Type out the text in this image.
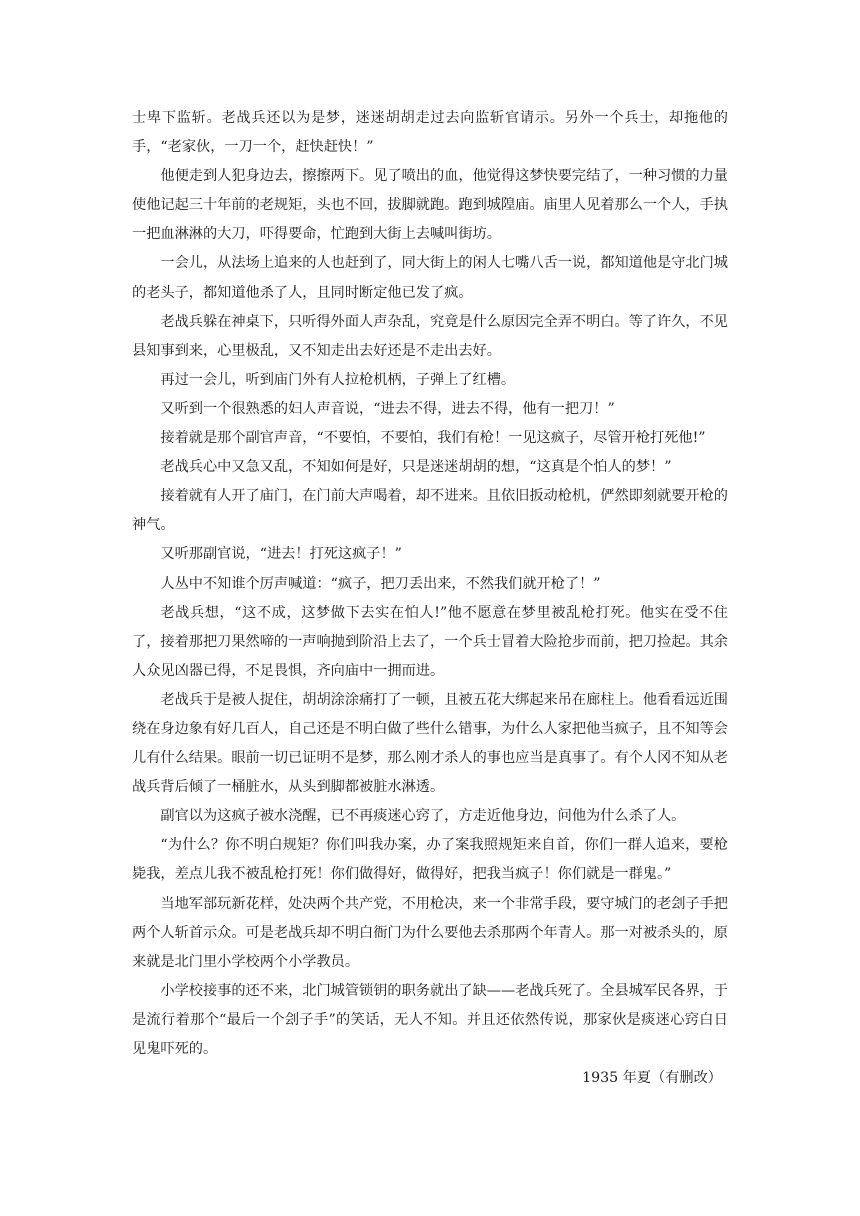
士卑下监斩。老战兵还以为是梦，迷迷胡胡走过去向监斩官请示。另外一个兵士，却拖他的手，“老家伙，一刀一个，赶快赶快！”

他便走到人犯身边去，擦擦两下。见了喷出的血，他觉得这梦快要完结了，一种习惯的力量使他记起三十年前的老规矩，头也不回，拔脚就跑。跑到城隍庙。庙里人见着那么一个人，手执一把血淋淋的大刀，吓得要命，忙跑到大街上去喊叫街坊。

一会儿，从法场上追来的人也赶到了，同大街上的闲人七嘴八舌一说，都知道他是守北门城的老头子，都知道他杀了人，且同时断定他已发了疯。

老战兵躲在神桌下，只听得外面人声杂乱，究竟是什么原因完全弄不明白。等了许久，不见县知事到来，心里极乱，又不知走出去好还是不走出去好。

再过一会儿，听到庙门外有人拉枪机柄，子弹上了红槽。

又听到一个很熟悉的妇人声音说，“进去不得，进去不得，他有一把刀！”

接着就是那个副官声音，“不要怕，不要怕，我们有枪！一见这疯子，尽管开枪打死他!”

老战兵心中又急又乱，不知如何是好，只是迷迷胡胡的想，“这真是个怕人的梦！”

接着就有人开了庙门，在门前大声喝着，却不进来。且依旧扳动枪机，俨然即刻就要开枪的神气。

又听那副官说，“进去！打死这疯子！”

人丛中不知谁个厉声喊道：“疯子，把刀丢出来，不然我们就开枪了！”

老战兵想，“这不成，这梦做下去实在怕人!”他不愿意在梦里被乱枪打死。他实在受不住了，接着那把刀果然啼的一声响抛到阶沿上去了，一个兵士冒着大险抢步而前，把刀捡起。其余人众见凶器已得，不足畏惧，齐向庙中一拥而进。

老战兵于是被人捉住，胡胡涂涂痛打了一顿，且被五花大绑起来吊在廊柱上。他看看远近围绕在身边象有好几百人，自己还是不明白做了些什么错事，为什么人家把他当疯子，且不知等会儿有什么结果。眼前一切已证明不是梦，那么刚才杀人的事也应当是真事了。有个人冈不知从老战兵背后倾了一桶脏水，从头到脚都被脏水淋透。

副官以为这疯子被水浇醒，已不再痰迷心窍了，方走近他身边，问他为什么杀了人。

“为什么？你不明白规矩？你们叫我办案，办了案我照规矩来自首，你们一群人追来，要枪毙我，差点儿我不被乱枪打死！你们做得好，做得好，把我当疯子！你们就是一群鬼。”

当地军部玩新花样，处决两个共产党，不用枪决，来一个非常手段，要守城门的老刽子手把两个人斩首示众。可是老战兵却不明白衙门为什么要他去杀那两个年青人。那一对被杀头的，原来就是北门里小学校两个小学教员。

小学校接事的还不来，北门城管锁钥的职务就出了缺——老战兵死了。全县城军民各界，于是流行着那个“最后一个刽子手”的笑话，无人不知。并且还依然传说，那家伙是痰迷心窍白日见鬼吓死的。

1935 年夏（有删改）
